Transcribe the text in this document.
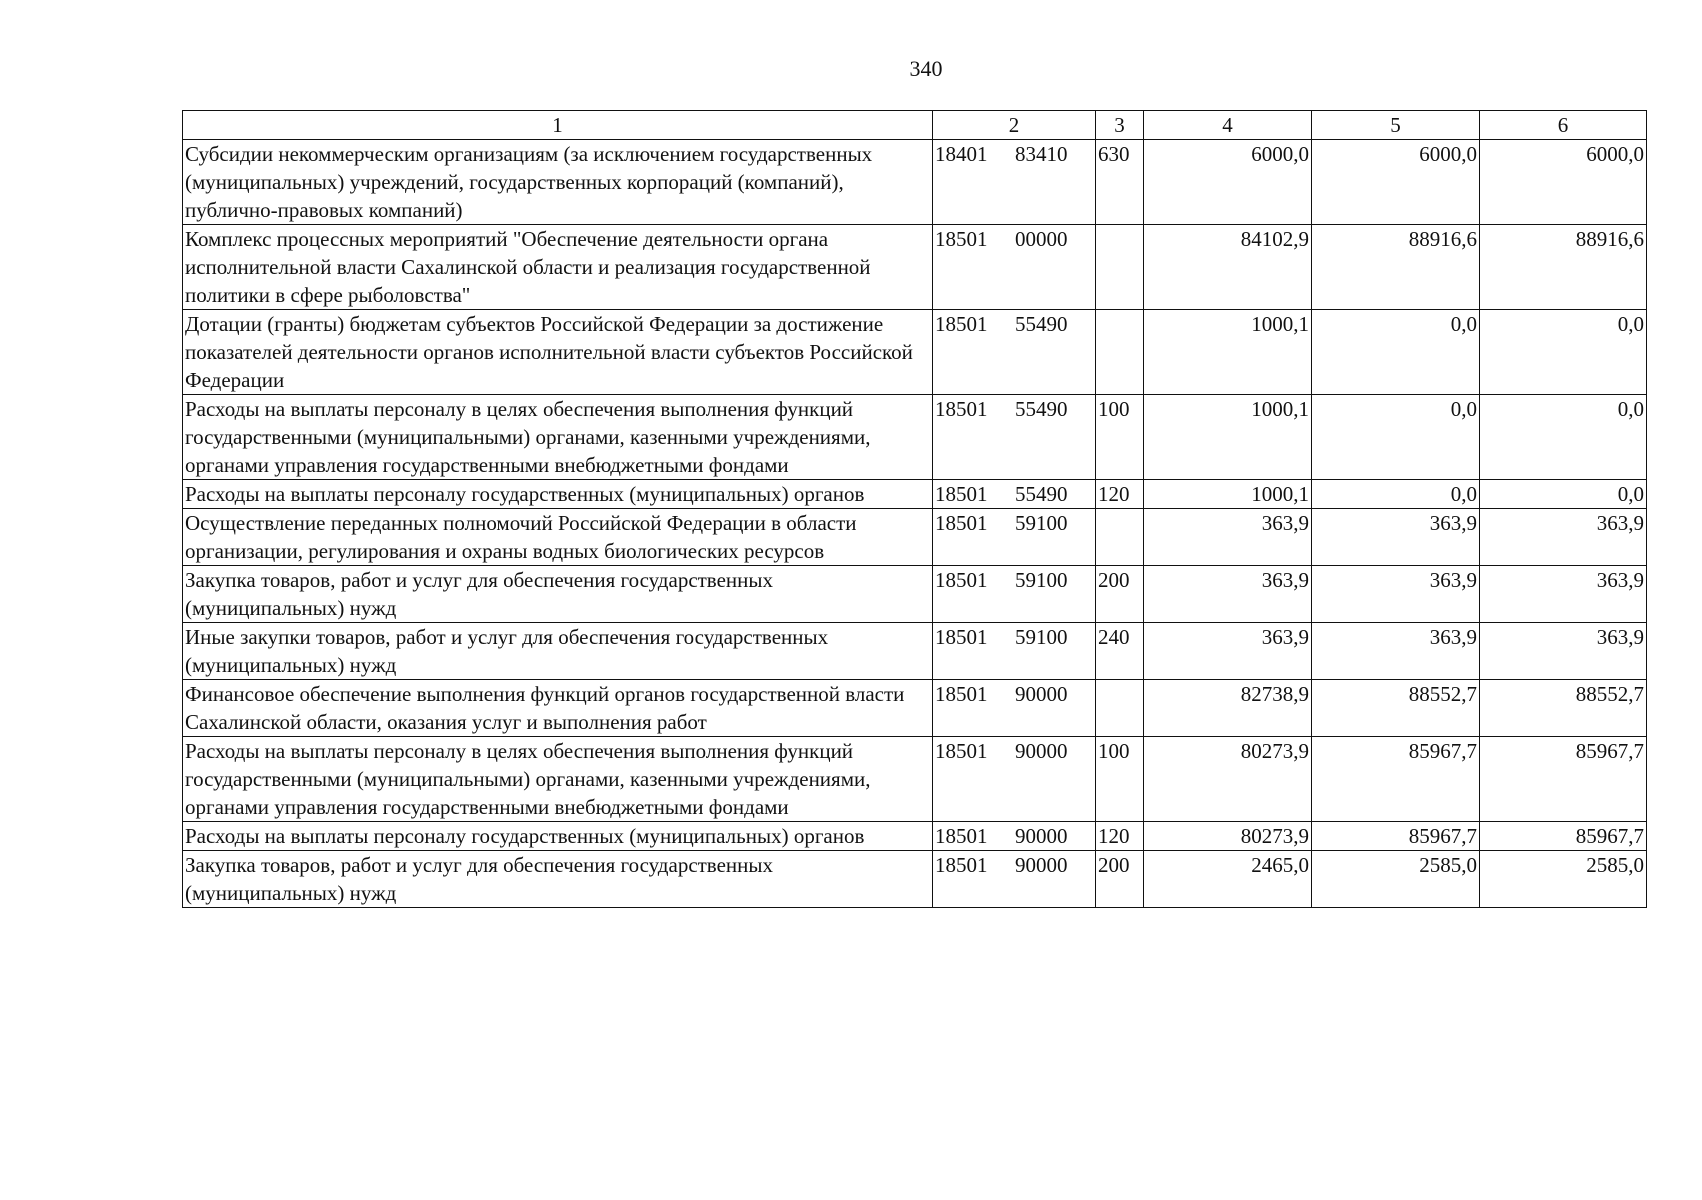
340
1	2	3	4	5	6
Субсидии некоммерческим организациям (за исключением государственных (муниципальных) учреждений, государственных корпораций (компаний), публично-правовых компаний)	18401 83410	630	6000,0	6000,0	6000,0
Комплекс процессных мероприятий "Обеспечение деятельности органа исполнительной власти Сахалинской области и реализация государственной политики в сфере рыболовства"	18501 00000		84102,9	88916,6	88916,6
Дотации (гранты) бюджетам субъектов Российской Федерации за достижение показателей деятельности органов исполнительной власти субъектов Российской Федерации	18501 55490		1000,1	0,0	0,0
Расходы на выплаты персоналу в целях обеспечения выполнения функций государственными (муниципальными) органами, казенными учреждениями, органами управления государственными внебюджетными фондами	18501 55490	100	1000,1	0,0	0,0
Расходы на выплаты персоналу государственных (муниципальных) органов	18501 55490	120	1000,1	0,0	0,0
Осуществление переданных полномочий Российской Федерации в области организации, регулирования и охраны водных биологических ресурсов	18501 59100		363,9	363,9	363,9
Закупка товаров, работ и услуг для обеспечения государственных (муниципальных) нужд	18501 59100	200	363,9	363,9	363,9
Иные закупки товаров, работ и услуг для обеспечения государственных (муниципальных) нужд	18501 59100	240	363,9	363,9	363,9
Финансовое обеспечение выполнения функций органов государственной власти Сахалинской области, оказания услуг и выполнения работ	18501 90000		82738,9	88552,7	88552,7
Расходы на выплаты персоналу в целях обеспечения выполнения функций государственными (муниципальными) органами, казенными учреждениями, органами управления государственными внебюджетными фондами	18501 90000	100	80273,9	85967,7	85967,7
Расходы на выплаты персоналу государственных (муниципальных) органов	18501 90000	120	80273,9	85967,7	85967,7
Закупка товаров, работ и услуг для обеспечения государственных (муниципальных) нужд	18501 90000	200	2465,0	2585,0	2585,0
